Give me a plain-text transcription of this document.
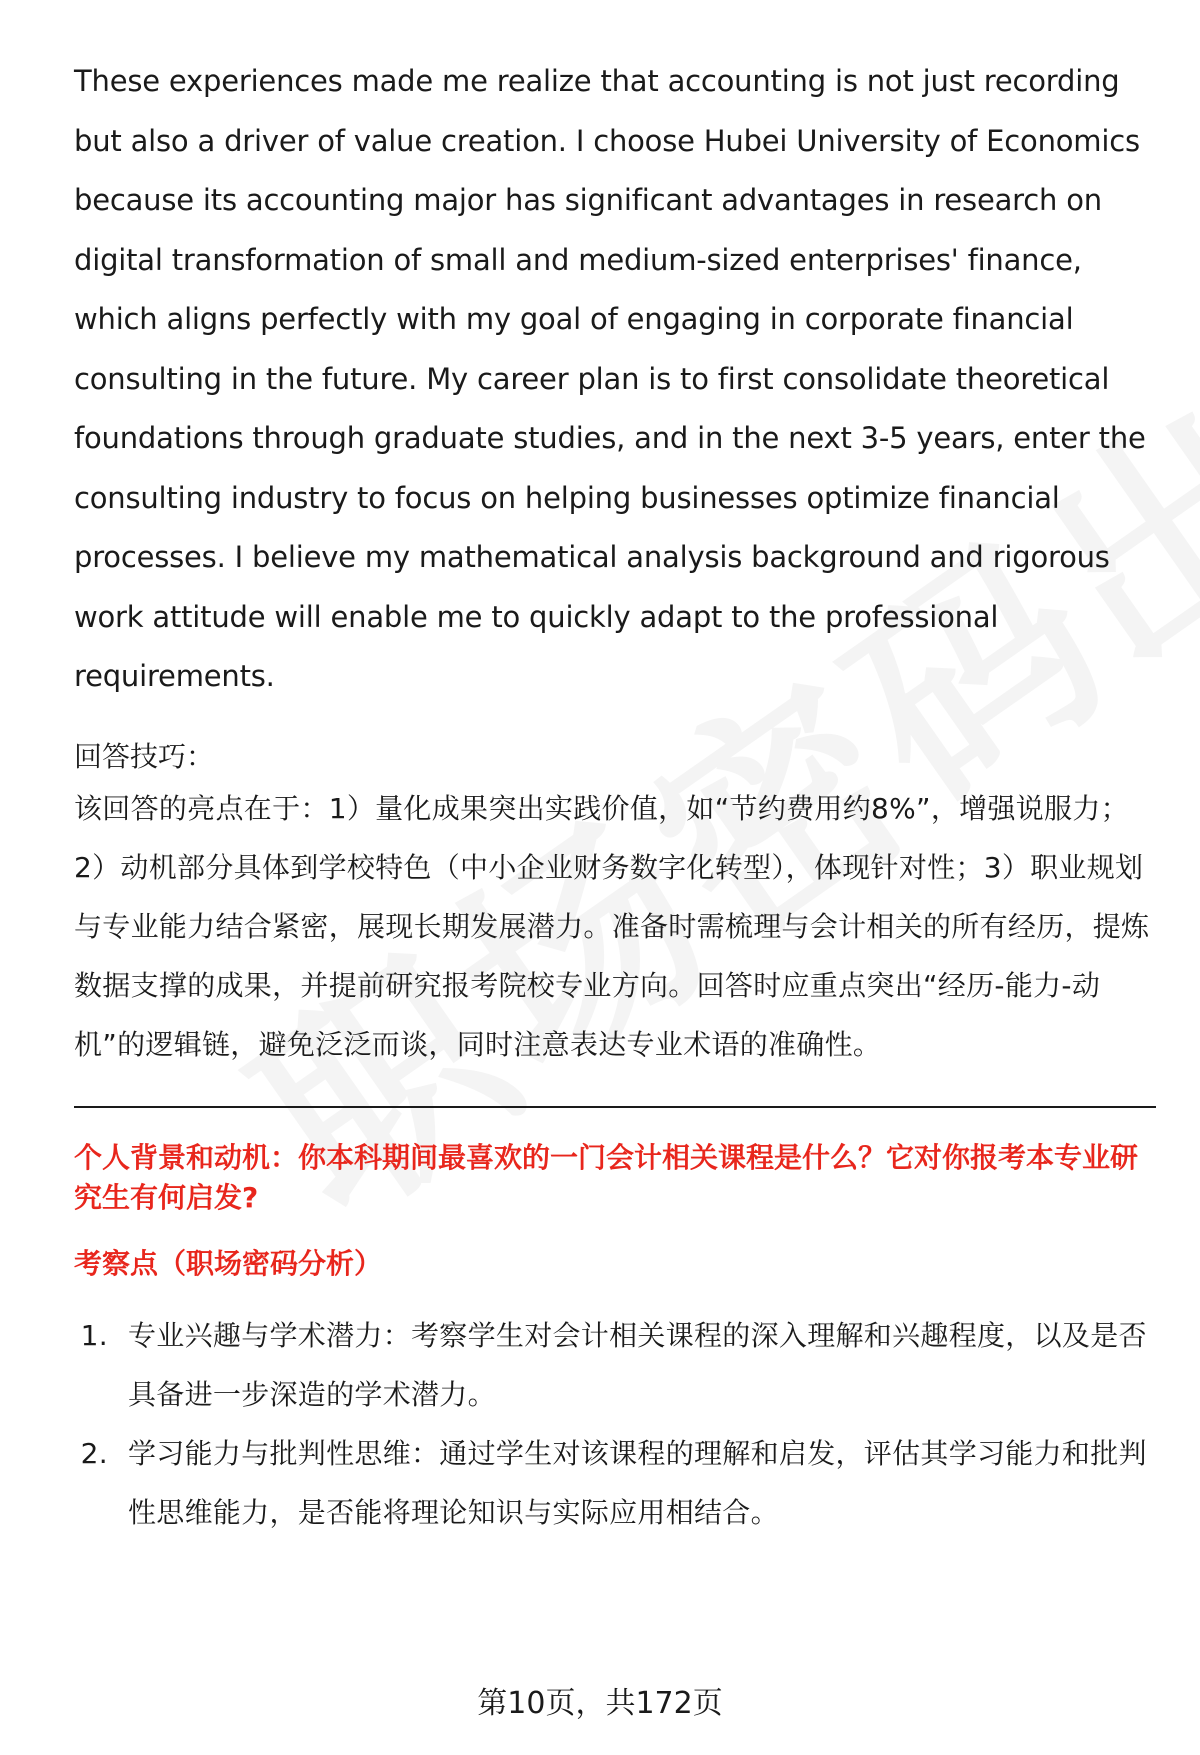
These experiences made me realize that accounting is not just recording but also a driver of value creation. I choose Hubei University of Economics because its accounting major has significant advantages in research on digital transformation of small and medium-sized enterprises' finance, which aligns perfectly with my goal of engaging in corporate financial consulting in the future. My career plan is to first consolidate theoretical foundations through graduate studies, and in the next 3-5 years, enter the consulting industry to focus on helping businesses optimize financial processes. I believe my mathematical analysis background and rigorous work attitude will enable me to quickly adapt to the professional requirements.

回答技巧：

该回答的亮点在于：1）量化成果突出实践价值，如“节约费用约8%”，增强说服力；2）动机部分具体到学校特色（中小企业财务数字化转型），体现针对性；3）职业规划与专业能力结合紧密，展现长期发展潜力。准备时需梳理与会计相关的所有经历，提炼数据支撑的成果，并提前研究报考院校专业方向。回答时应重点突出“经历-能力-动机”的逻辑链，避免泛泛而谈，同时注意表达专业术语的准确性。

个人背景和动机：你本科期间最喜欢的一门会计相关课程是什么？它对你报考本专业研究生有何启发?

考察点（职场密码分析）

1. 专业兴趣与学术潜力：考察学生对会计相关课程的深入理解和兴趣程度，以及是否具备进一步深造的学术潜力。
2. 学习能力与批判性思维：通过学生对该课程的理解和启发，评估其学习能力和批判性思维能力，是否能将理论知识与实际应用相结合。
第10页，共172页
